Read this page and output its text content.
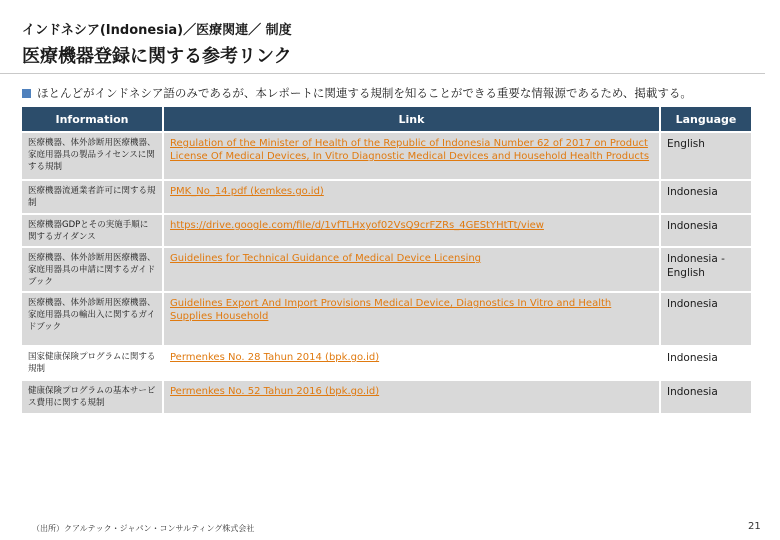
インドネシア(Indonesia)／医療関連／ 制度
医療機器登録に関する参考リンク
ほとんどがインドネシア語のみであるが、本レポートに関連する規制を知ることができる重要な情報源であるため、掲載する。
Information	Link	Language
医療機器、体外診断用医療機器、家庭用器具の製品ライセンスに関する規制	Regulation of the Minister of Health of the Republic of Indonesia Number 62 of 2017 on Product License Of Medical Devices, In Vitro Diagnostic Medical Devices and Household Health Products	English
医療機器流通業者許可に関する規制	PMK_No_14.pdf (kemkes.go.id)	Indonesia
医療機器GDPとその実施手順に関するガイダンス	https://drive.google.com/file/d/1vfTLHxyof02VsQ9crFZRs_4GEStYHtTt/view	Indonesia
医療機器、体外診断用医療機器、家庭用器具の申請に関するガイドブック	Guidelines for Technical Guidance of Medical Device Licensing	Indonesia - English
医療機器、体外診断用医療機器、家庭用器具の輸出入に関するガイドブック	Guidelines Export And Import Provisions Medical Device, Diagnostics In Vitro and Health Supplies Household	Indonesia
国家健康保険プログラムに関する規制	Permenkes No. 28 Tahun 2014 (bpk.go.id)	Indonesia
健康保険プログラムの基本サービス費用に関する規制	Permenkes No. 52 Tahun 2016 (bpk.go.id)	Indonesia
（出所）クアルテック・ジャパン・コンサルティング株式会社	21
